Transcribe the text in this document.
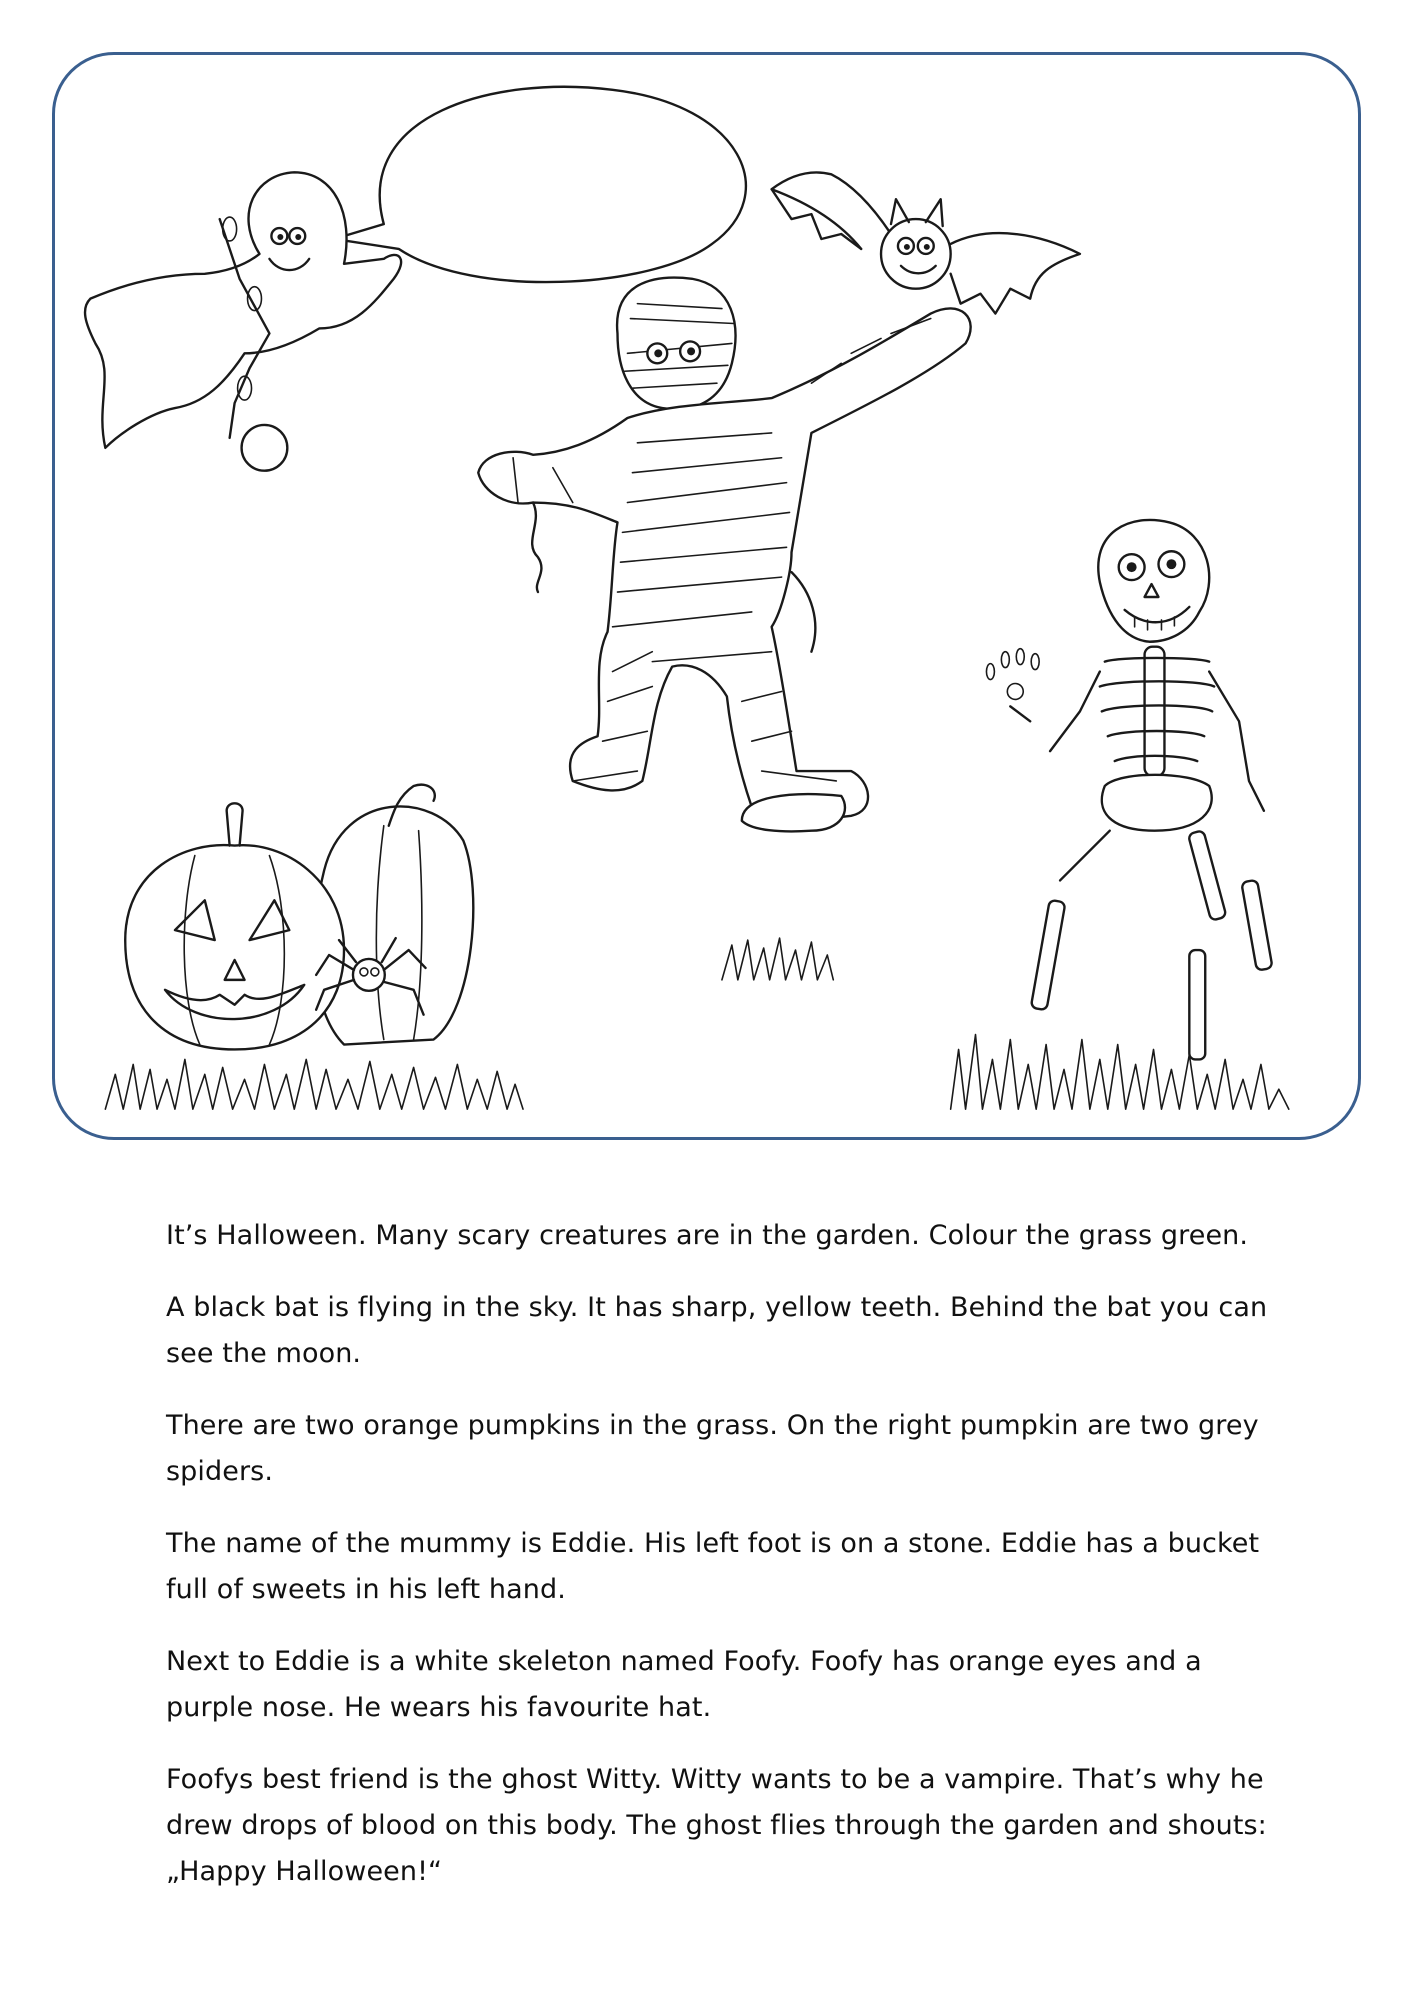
It’s Halloween. Many scary creatures are in the garden. Colour the grass green.

A black bat is flying in the sky. It has sharp, yellow teeth. Behind the bat you can see the moon.

There are two orange pumpkins in the grass. On the right pumpkin are two grey spiders.

The name of the mummy is Eddie. His left foot is on a stone. Eddie has a bucket full of sweets in his left hand.

Next to Eddie is a white skeleton named Foofy. Foofy has orange eyes and a purple nose. He wears his favourite hat.

Foofys best friend is the ghost Witty. Witty wants to be a vampire. That’s why he drew drops of blood on this body. The ghost flies through the garden and shouts: „Happy Halloween!“
